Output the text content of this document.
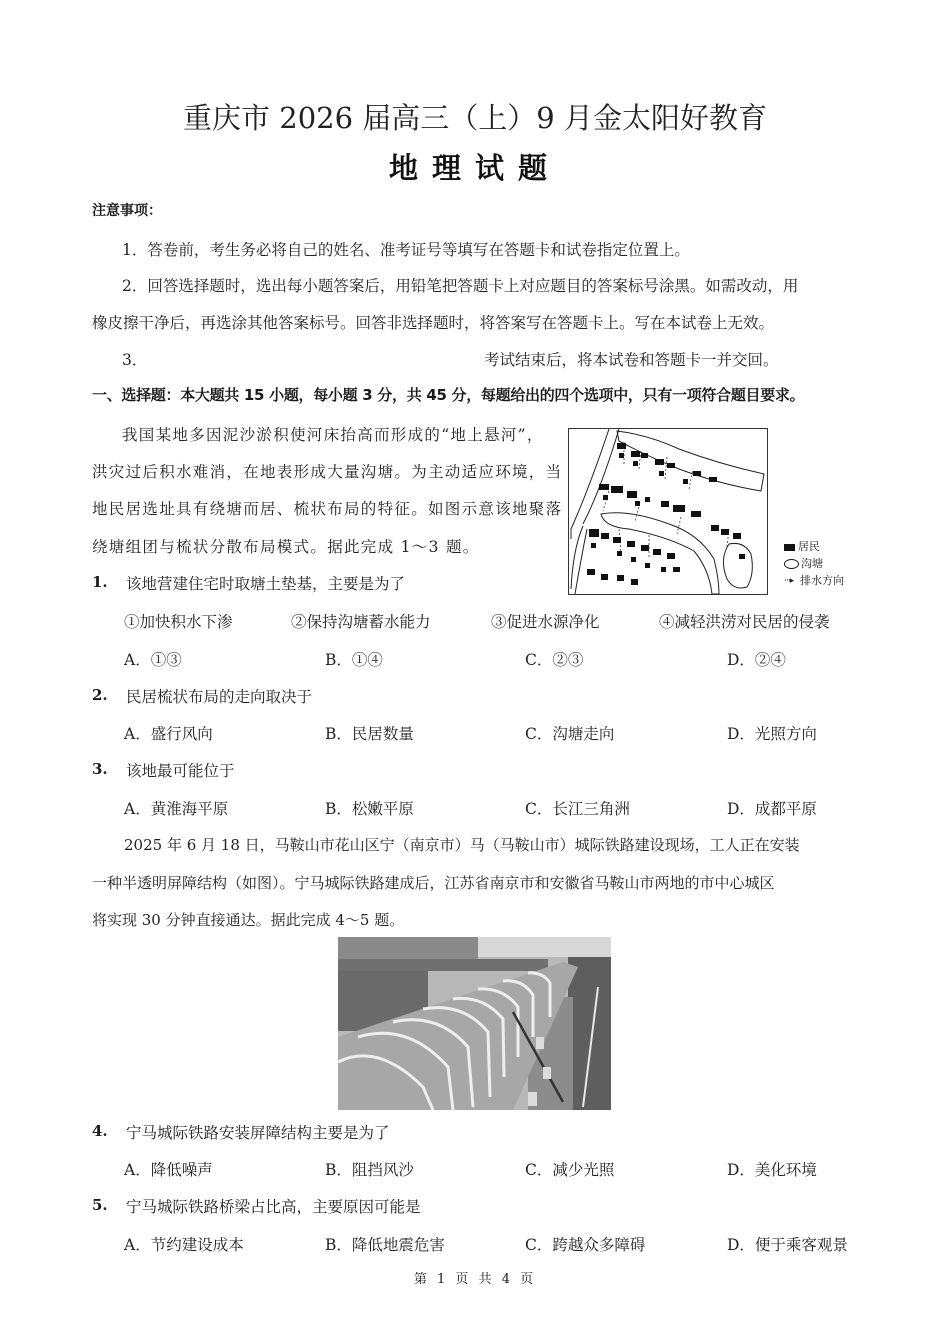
重庆市 2026 届高三（上）9 月金太阳好教育
地理试题
注意事项：
1．答卷前，考生务必将自己的姓名、准考证号等填写在答题卡和试卷指定位置上。
2．回答选择题时，选出每小题答案后，用铅笔把答题卡上对应题目的答案标号涂黑。如需改动，用
橡皮擦干净后，再选涂其他答案标号。回答非选择题时，将答案写在答题卡上。写在本试卷上无效。
3．	考试结束后，将本试卷和答题卡一并交回。
一、选择题：本大题共 15 小题，每小题 3 分，共 45 分，每题给出的四个选项中，只有一项符合题目要求。
我国某地多因泥沙淤积使河床抬高而形成的“地上悬河”，
洪灾过后积水难消，在地表形成大量沟塘。为主动适应环境，当
地民居选址具有绕塘而居、梳状布局的特征。如图示意该地聚落
绕塘组团与梳状分散布局模式。据此完成 1～3 题。	居民
沟塘
···▸ 排水方向
1. 该地营建住宅时取塘土垫基，主要是为了
①加快积水下渗	②保持沟塘蓄水能力	③促进水源净化	④减轻洪涝对民居的侵袭
A．①③	B．①④	C．②③	D．②④
2. 民居梳状布局的走向取决于
A．盛行风向	B．民居数量	C．沟塘走向	D．光照方向
3. 该地最可能位于
A．黄淮海平原	B．松嫩平原	C．长江三角洲	D．成都平原
2025 年 6 月 18 日，马鞍山市花山区宁（南京市）马（马鞍山市）城际铁路建设现场，工人正在安装
一种半透明屏障结构（如图）。宁马城际铁路建成后，江苏省南京市和安徽省马鞍山市两地的市中心城区
将实现 30 分钟直接通达。据此完成 4～5 题。
4. 宁马城际铁路安装屏障结构主要是为了
A．降低噪声	B．阻挡风沙	C．减少光照	D．美化环境
5. 宁马城际铁路桥梁占比高，主要原因可能是
A．节约建设成本	B．降低地震危害	C．跨越众多障碍	D．便于乘客观景
第 1 页 共 4 页
